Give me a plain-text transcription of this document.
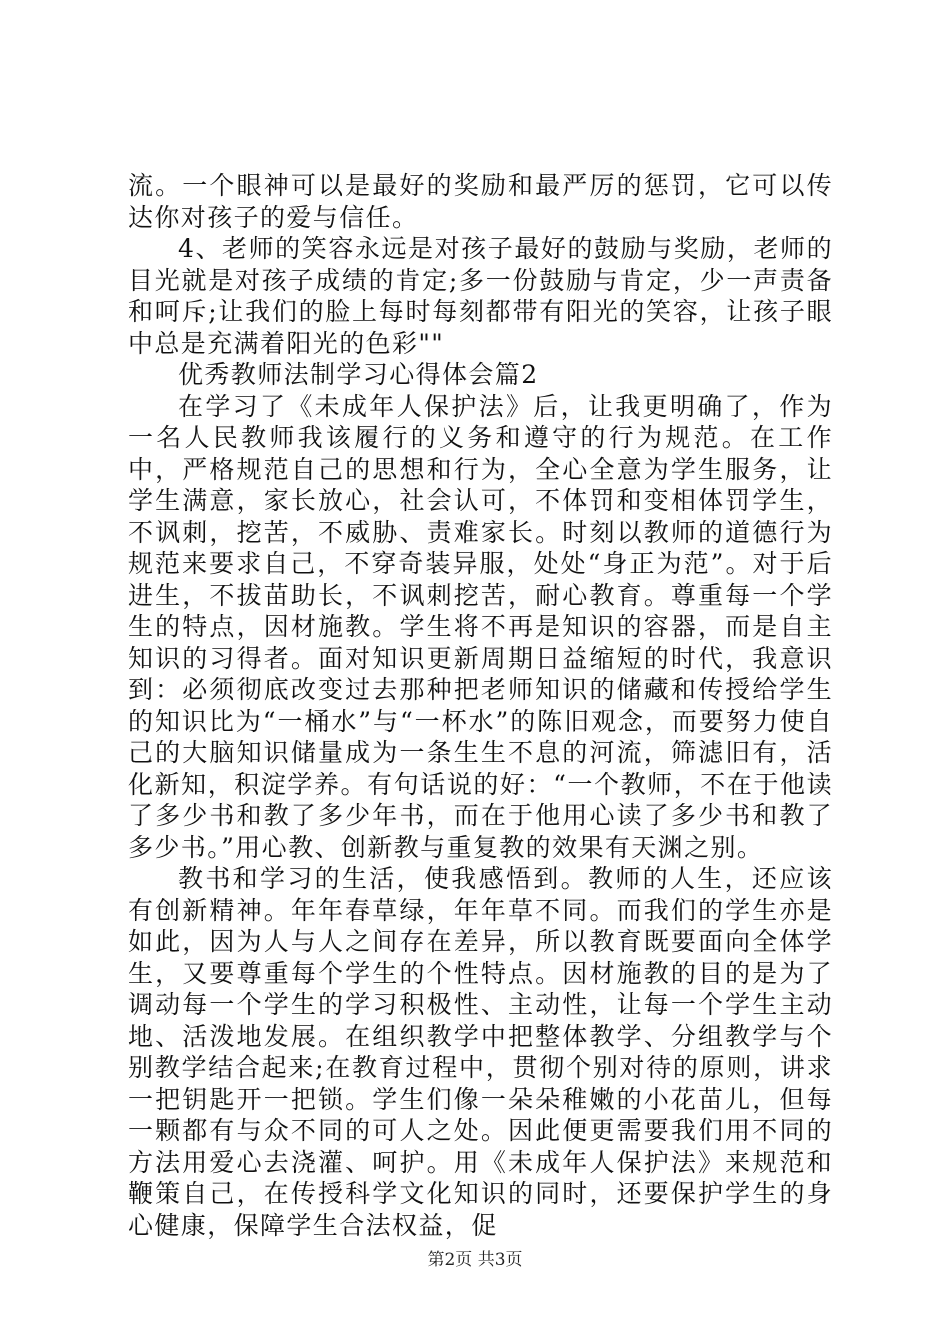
流。一个眼神可以是最好的奖励和最严厉的惩罚，它可以传达你对孩子的爱与信任。

4、老师的笑容永远是对孩子最好的鼓励与奖励，老师的目光就是对孩子成绩的肯定;多一份鼓励与肯定，少一声责备和呵斥;让我们的脸上每时每刻都带有阳光的笑容，让孩子眼中总是充满着阳光的色彩""

优秀教师法制学习心得体会篇2

在学习了《未成年人保护法》后，让我更明确了，作为一名人民教师我该履行的义务和遵守的行为规范。在工作中，严格规范自己的思想和行为，全心全意为学生服务，让学生满意，家长放心，社会认可，不体罚和变相体罚学生，不讽刺，挖苦，不威胁、责难家长。时刻以教师的道德行为规范来要求自己，不穿奇装异服，处处“身正为范”。对于后进生，不拔苗助长，不讽刺挖苦，耐心教育。尊重每一个学生的特点，因材施教。学生将不再是知识的容器，而是自主知识的习得者。面对知识更新周期日益缩短的时代，我意识到：必须彻底改变过去那种把老师知识的储藏和传授给学生的知识比为“一桶水”与“一杯水”的陈旧观念，而要努力使自己的大脑知识储量成为一条生生不息的河流，筛滤旧有，活化新知，积淀学养。有句话说的好：“一个教师，不在于他读了多少书和教了多少年书，而在于他用心读了多少书和教了多少书。”用心教、创新教与重复教的效果有天渊之别。

教书和学习的生活，使我感悟到。教师的人生，还应该有创新精神。年年春草绿，年年草不同。而我们的学生亦是如此，因为人与人之间存在差异，所以教育既要面向全体学生，又要尊重每个学生的个性特点。因材施教的目的是为了调动每一个学生的学习积极性、主动性，让每一个学生主动地、活泼地发展。在组织教学中把整体教学、分组教学与个别教学结合起来;在教育过程中，贯彻个别对待的原则，讲求一把钥匙开一把锁。学生们像一朵朵稚嫩的小花苗儿，但每一颗都有与众不同的可人之处。因此便更需要我们用不同的方法用爱心去浇灌、呵护。用《未成年人保护法》来规范和鞭策自己，在传授科学文化知识的同时，还要保护学生的身心健康，保障学生合法权益，促

第2页 共3页
